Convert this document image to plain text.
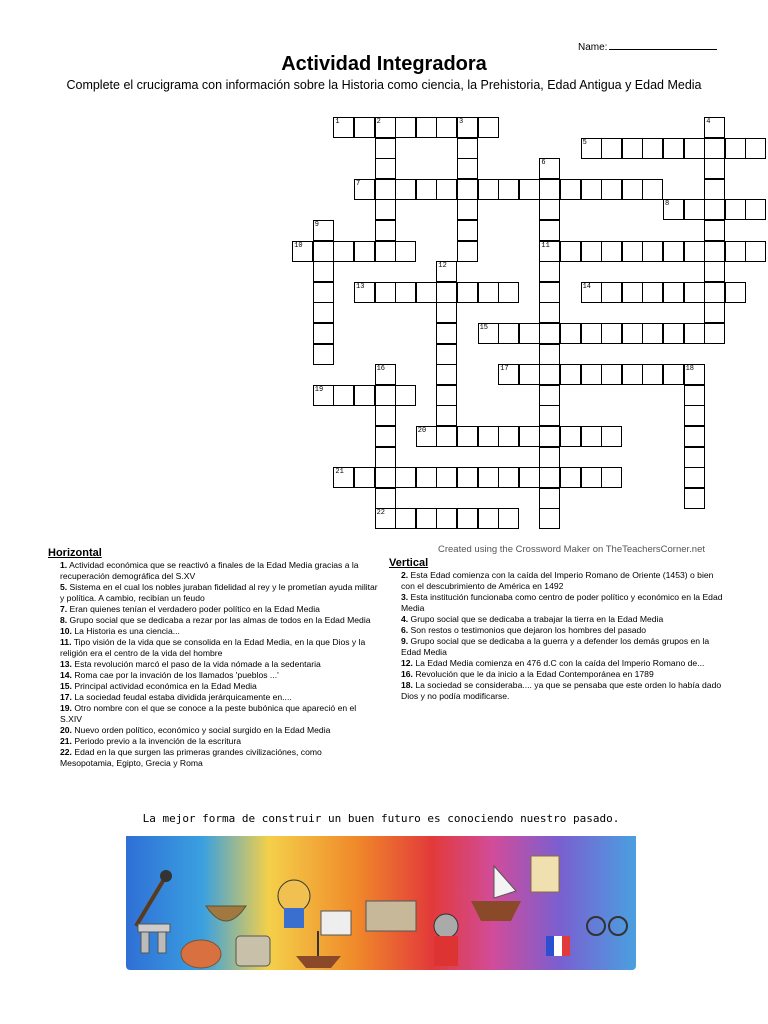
Name:
Actividad Integradora
Complete el crucigrama con información sobre la Historia como ciencia, la Prehistoria, Edad Antigua y Edad Media
1	2	3	4
5
6
11
7
8
9
10
12
13	14
15
16
22
17	18
19
20
21
Created using the Crossword Maker on TheTeachersCorner.net
Horizontal
1. Actividad económica que se reactivó a finales de la Edad Media gracias a la recuperación demográfica del S.XV
5. Sistema en el cual los nobles juraban fidelidad al rey y le prometían ayuda militar y política. A cambio, recibían un feudo
7. Eran quienes tenían el verdadero poder político en la Edad Media
8. Grupo social que se dedicaba a rezar por las almas de todos en la Edad Media
10. La Historia es una ciencia...
11. Tipo visión de la vida que se consolida en la Edad Media, en la que Dios y la religión era el centro de la vida del hombre
13. Esta revolución marcó el paso de la vida nómade a la sedentaria
14. Roma cae por la invación de los llamados 'pueblos ...'
15. Principal actividad económica en la Edad Media
17. La sociedad feudal estaba dividida jerárquicamente en....
19. Otro nombre con el que se conoce a la peste bubónica que apareció en el S.XIV
20. Nuevo orden político, económico y social surgido en la Edad Media
21. Periodo previo a la invención de la escritura
22. Edad en la que surgen las primeras grandes civilizaciónes, como Mesopotamia, Egipto, Grecia y Roma
Vertical
2. Esta Edad comienza con la caída del Imperio Romano de Oriente (1453) o bien con el descubrimiento de América en 1492
3. Esta institución funcionaba como centro de poder político y económico en la Edad Media
4. Grupo social que se dedicaba a trabajar la tierra en la Edad Media
6. Son restos o testimonios que dejaron los hombres del pasado
9. Grupo social que se dedicaba a la guerra y a defender los demás grupos en la Edad Media
12. La Edad Media comienza en 476 d.C con la caída del Imperio Romano de...
16. Revolución que le da inicio a la Edad Contemporánea en 1789
18. La sociedad se consideraba.... ya que se pensaba que este orden lo había dado Dios y no podía modificarse.
La mejor forma de construir un buen futuro es conociendo nuestro pasado.
